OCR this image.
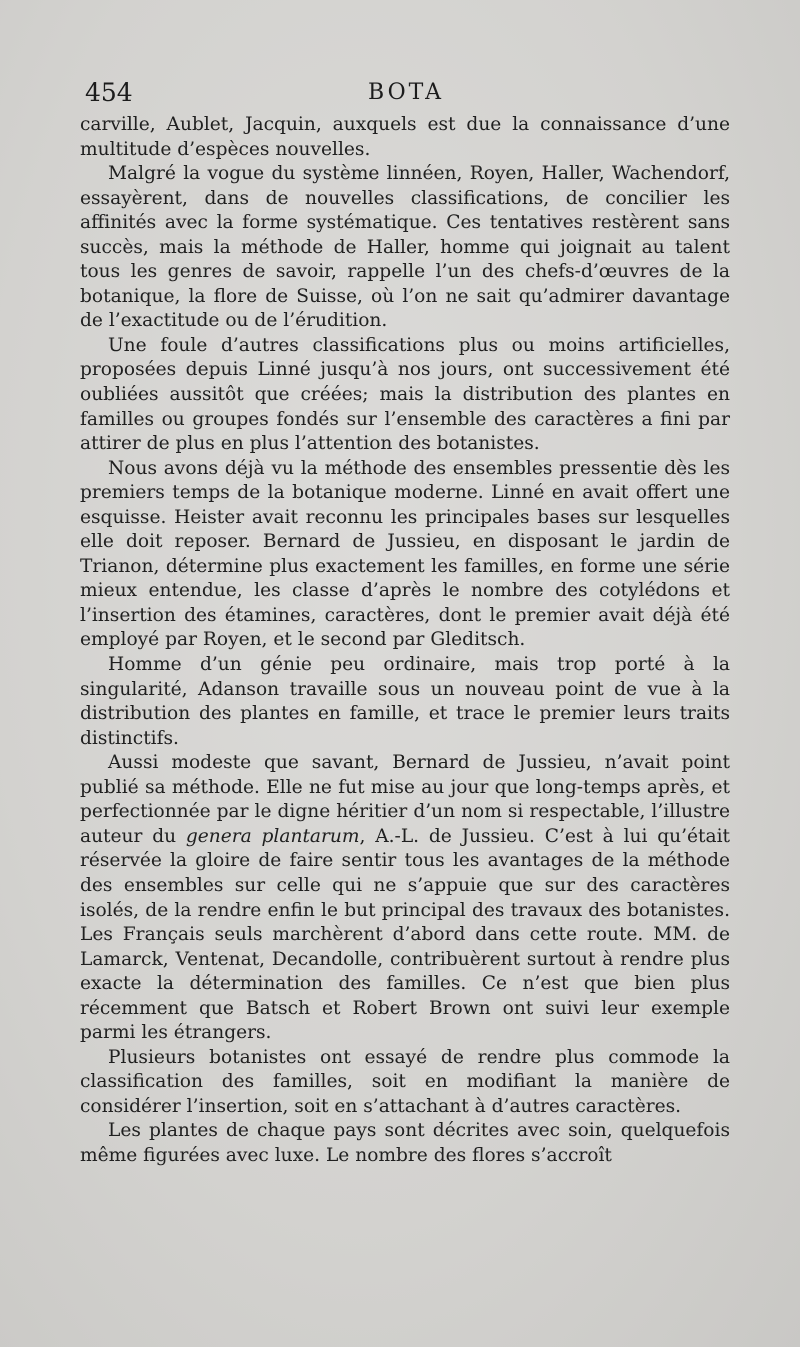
454	BOTA

carville, Aublet, Jacquin, auxquels est due la connaissance d’une multitude d’espèces nouvelles.

Malgré la vogue du système linnéen, Royen, Haller, Wachendorf, essayèrent, dans de nouvelles classifications, de concilier les affinités avec la forme systématique. Ces tentatives restèrent sans succès, mais la méthode de Haller, homme qui joignait au talent tous les genres de savoir, rappelle l’un des chefs-d’œuvres de la botanique, la flore de Suisse, où l’on ne sait qu’admirer davantage de l’exactitude ou de l’érudition.

Une foule d’autres classifications plus ou moins artificielles, proposées depuis Linné jusqu’à nos jours, ont successivement été oubliées aussitôt que créées; mais la distribution des plantes en familles ou groupes fondés sur l’ensemble des caractères a fini par attirer de plus en plus l’attention des botanistes.

Nous avons déjà vu la méthode des ensembles pressentie dès les premiers temps de la botanique moderne. Linné en avait offert une esquisse. Heister avait reconnu les principales bases sur lesquelles elle doit reposer. Bernard de Jussieu, en disposant le jardin de Trianon, détermine plus exactement les familles, en forme une série mieux entendue, les classe d’après le nombre des cotylédons et l’insertion des étamines, caractères, dont le premier avait déjà été employé par Royen, et le second par Gleditsch.

Homme d’un génie peu ordinaire, mais trop porté à la singularité, Adanson travaille sous un nouveau point de vue à la distribution des plantes en famille, et trace le premier leurs traits distinctifs.

Aussi modeste que savant, Bernard de Jussieu, n’avait point publié sa méthode. Elle ne fut mise au jour que long-temps après, et perfectionnée par le digne héritier d’un nom si respectable, l’illustre auteur du genera plantarum, A.-L. de Jussieu. C’est à lui qu’était réservée la gloire de faire sentir tous les avantages de la méthode des ensembles sur celle qui ne s’appuie que sur des caractères isolés, de la rendre enfin le but principal des travaux des botanistes. Les Français seuls marchèrent d’abord dans cette route. MM. de Lamarck, Ventenat, Decandolle, contribuèrent surtout à rendre plus exacte la détermination des familles. Ce n’est que bien plus récemment que Batsch et Robert Brown ont suivi leur exemple parmi les étrangers.

Plusieurs botanistes ont essayé de rendre plus commode la classification des familles, soit en modifiant la manière de considérer l’insertion, soit en s’attachant à d’autres caractères.

Les plantes de chaque pays sont décrites avec soin, quelquefois même figurées avec luxe. Le nombre des flores s’accroît
